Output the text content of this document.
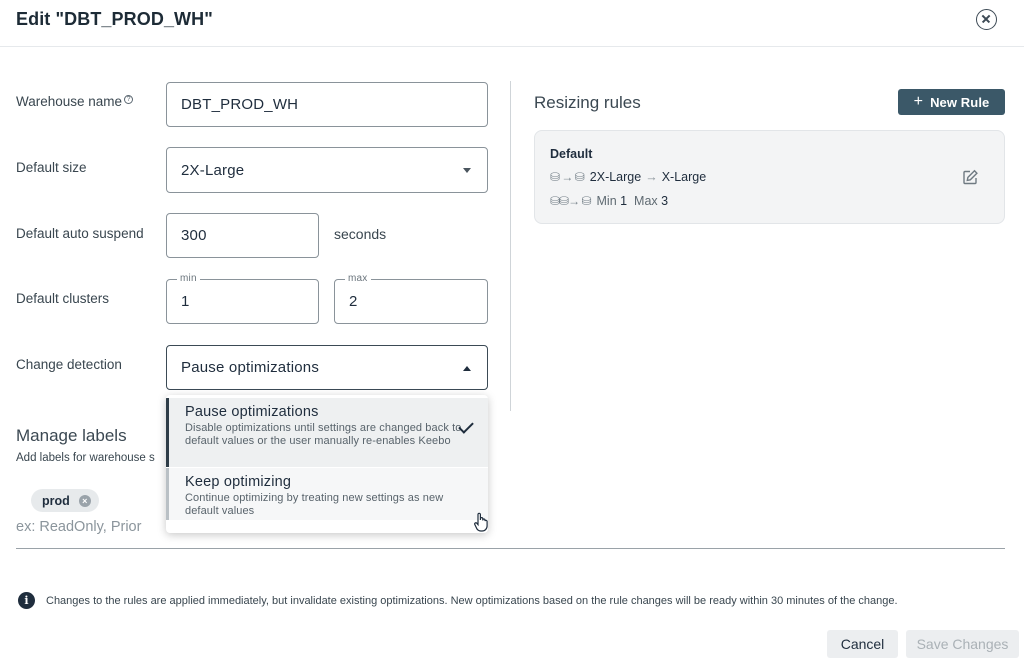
Edit "DBT_PROD_WH"
Warehouse name ?	DBT_PROD_WH
Default size	2X-Large
Default auto suspend 300	seconds
Default clusters
min
1
max
2
Change detection	Pause optimizations
Resizing rules	+ New Rule
Default
⛁ → ⛁ 2X-Large → X-Large
⛁⛁→ ⛁ Min
1
Max
3
Manage labels
Add labels for warehouse s
prod	×
ex: ReadOnly, Prior
i	Changes to the rules are applied immediately, but invalidate existing optimizations. New optimizations based on the rule changes will be ready within 30 minutes of the change.
Cancel	Save Changes
Pause optimizations
Disable optimizations until settings are changed back to default values or the user manually re-enables Keebo
Keep optimizing
Continue optimizing by treating new settings as new default values
